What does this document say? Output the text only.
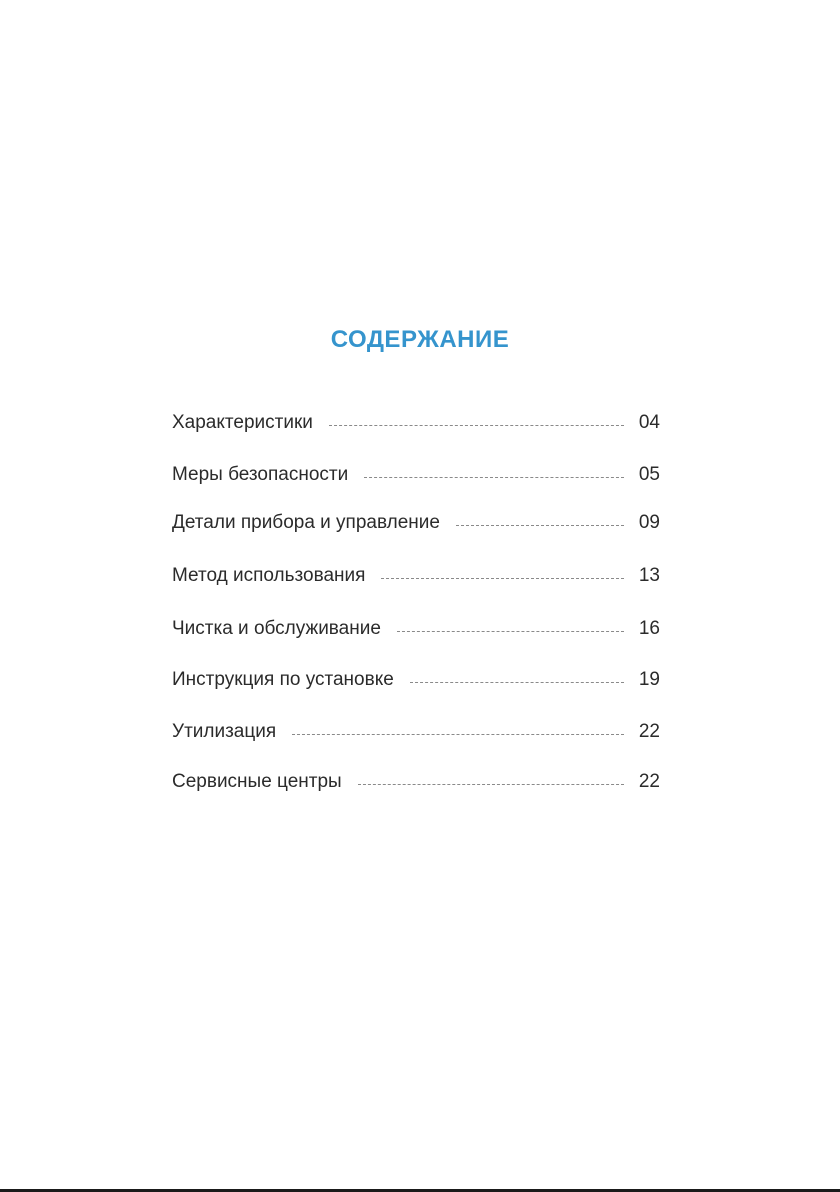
СОДЕРЖАНИЕ
Характеристики	04
Меры безопасности	05
Детали прибора и управление	09
Метод использования	13
Чистка и обслуживание	16
Инструкция по установке	19
Утилизация	22
Сервисные центры	22
